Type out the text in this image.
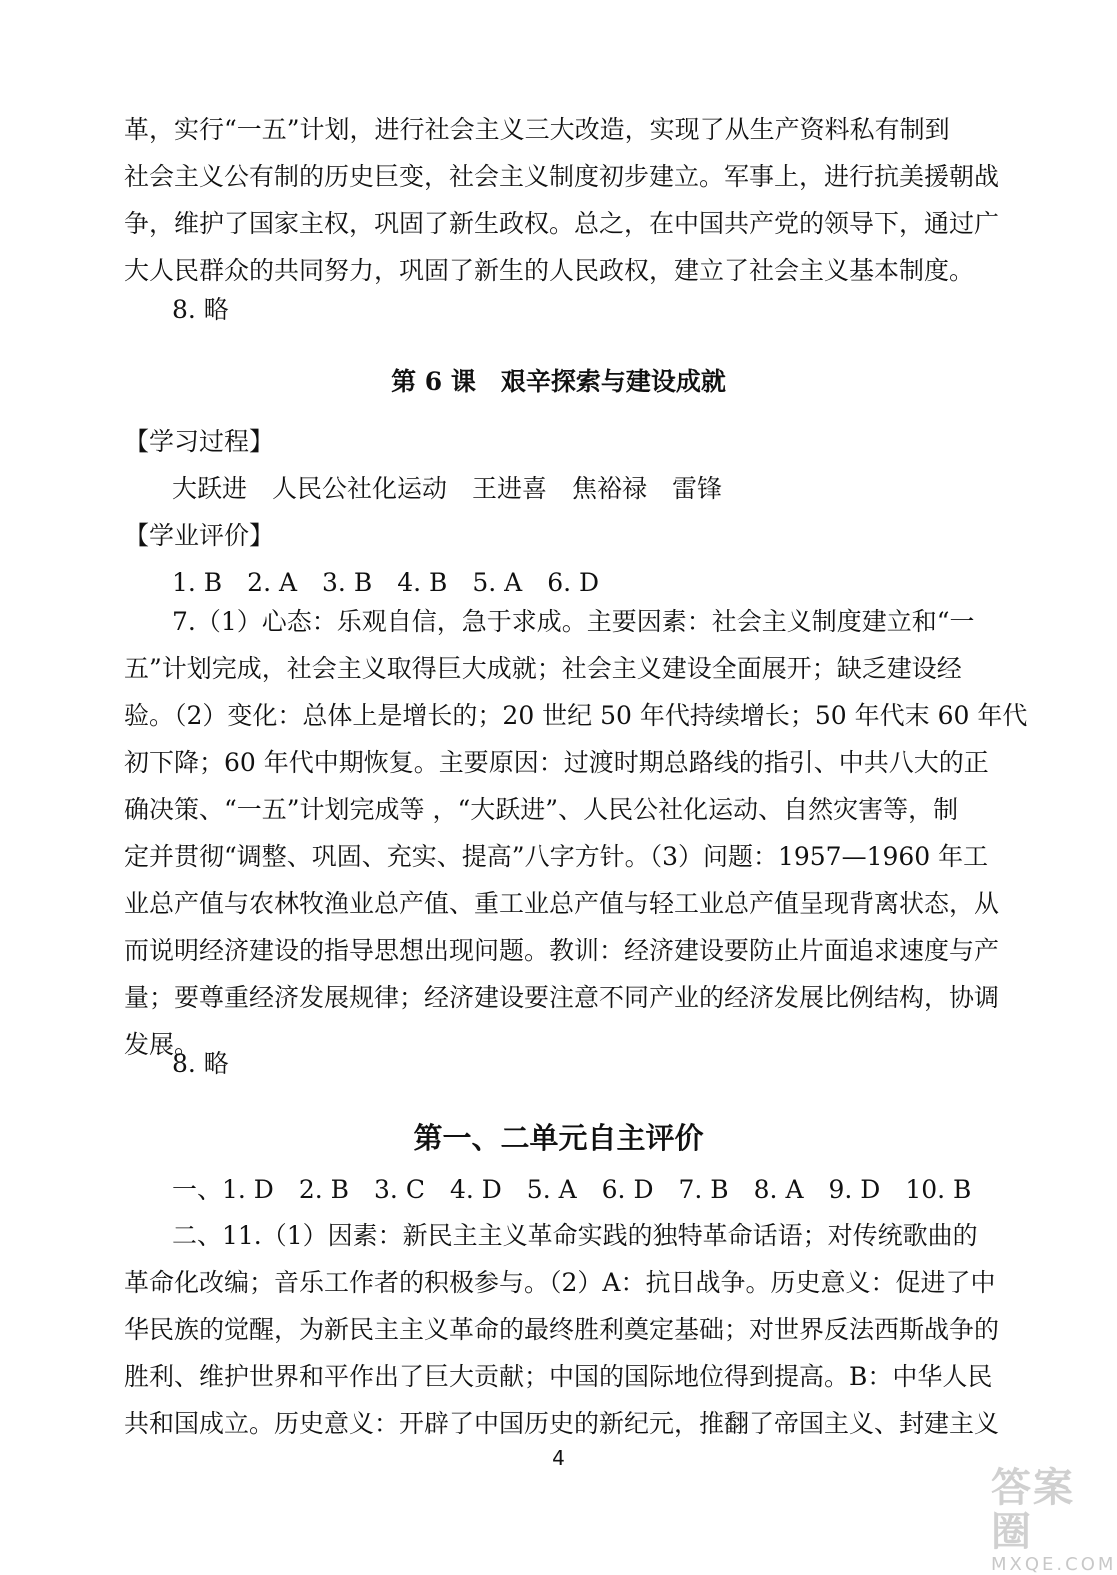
革，实行“一五”计划，进行社会主义三大改造，实现了从生产资料私有制到
社会主义公有制的历史巨变，社会主义制度初步建立。军事上，进行抗美援朝战
争，维护了国家主权，巩固了新生政权。总之，在中国共产党的领导下，通过广
大人民群众的共同努力，巩固了新生的人民政权，建立了社会主义基本制度。

8. 略

第 6 课　艰辛探索与建设成就

【学习过程】

大跃进　人民公社化运动　王进喜　焦裕禄　雷锋

【学业评价】

1. B　2. A　3. B　4. B　5. A　6. D

7.（1）心态：乐观自信，急于求成。主要因素：社会主义制度建立和“一
五”计划完成，社会主义取得巨大成就；社会主义建设全面展开；缺乏建设经
验。（2）变化：总体上是增长的；20 世纪 50 年代持续增长；50 年代末 60 年代
初下降；60 年代中期恢复。主要原因：过渡时期总路线的指引、中共八大的正
确决策、“一五”计划完成等 ，“大跃进”、人民公社化运动、自然灾害等，制
定并贯彻“调整、巩固、充实、提高”八字方针。（3）问题：1957—1960 年工
业总产值与农林牧渔业总产值、重工业总产值与轻工业总产值呈现背离状态，从
而说明经济建设的指导思想出现问题。教训：经济建设要防止片面追求速度与产
量；要尊重经济发展规律；经济建设要注意不同产业的经济发展比例结构，协调
发展。

8. 略

第一、二单元自主评价

一、1. D　2. B　3. C　4. D　5. A　6. D　7. B　8. A　9. D　10. B

二、11.（1）因素：新民主主义革命实践的独特革命话语；对传统歌曲的
革命化改编；音乐工作者的积极参与。（2）A：抗日战争。历史意义：促进了中
华民族的觉醒，为新民主主义革命的最终胜利奠定基础；对世界反法西斯战争的
胜利、维护世界和平作出了巨大贡献；中国的国际地位得到提高。B：中华人民
共和国成立。历史意义：开辟了中国历史的新纪元，推翻了帝国主义、封建主义

4
答案圈
MXQE.COM
